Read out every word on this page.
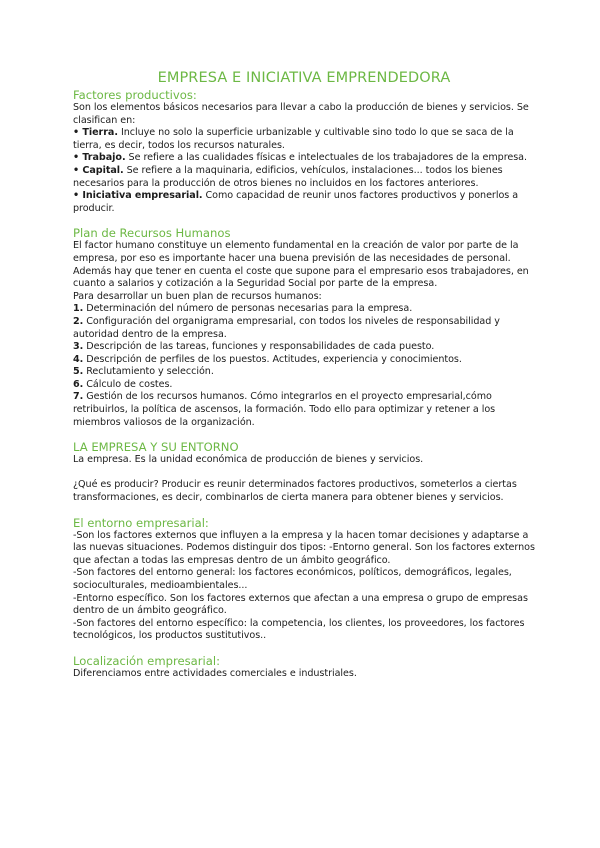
EMPRESA E INICIATIVA EMPRENDEDORA
Factores productivos:

Son los elementos básicos necesarios para llevar a cabo la producción de bienes y servicios. Se clasifican en:

• Tierra. Incluye no solo la superficie urbanizable y cultivable sino todo lo que se saca de la tierra, es decir, todos los recursos naturales.

• Trabajo. Se refiere a las cualidades físicas e intelectuales de los trabajadores de la empresa.

• Capital. Se refiere a la maquinaria, edificios, vehículos, instalaciones... todos los bienes necesarios para la producción de otros bienes no incluidos en los factores anteriores.

• Iniciativa empresarial. Como capacidad de reunir unos factores productivos y ponerlos a producir.

Plan de Recursos Humanos

El factor humano constituye un elemento fundamental en la creación de valor por parte de la empresa, por eso es importante hacer una buena previsión de las necesidades de personal. Además hay que tener en cuenta el coste que supone para el empresario esos trabajadores, en cuanto a salarios y cotización a la Seguridad Social por parte de la empresa.

Para desarrollar un buen plan de recursos humanos:

1. Determinación del número de personas necesarias para la empresa.

2. Configuración del organigrama empresarial, con todos los niveles de responsabilidad y autoridad dentro de la empresa.

3. Descripción de las tareas, funciones y responsabilidades de cada puesto.

4. Descripción de perfiles de los puestos. Actitudes, experiencia y conocimientos.

5. Reclutamiento y selección.

6. Cálculo de costes.

7. Gestión de los recursos humanos. Cómo integrarlos en el proyecto empresarial,cómo retribuirlos, la política de ascensos, la formación. Todo ello para optimizar y retener a los miembros valiosos de la organización.

LA EMPRESA Y SU ENTORNO

La empresa. Es la unidad económica de producción de bienes y servicios.

¿Qué es producir? Producir es reunir determinados factores productivos, someterlos a ciertas transformaciones, es decir, combinarlos de cierta manera para obtener bienes y servicios.

El entorno empresarial:

-Son los factores externos que influyen a la empresa y la hacen tomar decisiones y adaptarse a las nuevas situaciones. Podemos distinguir dos tipos: -Entorno general. Son los factores externos que afectan a todas las empresas dentro de un ámbito geográfico.

-Son factores del entorno general: los factores económicos, políticos, demográficos, legales, socioculturales, medioambientales...

-Entorno específico. Son los factores externos que afectan a una empresa o grupo de empresas dentro de un ámbito geográfico.

-Son factores del entorno específico: la competencia, los clientes, los proveedores, los factores tecnológicos, los productos sustitutivos..

Localización empresarial:

Diferenciamos entre actividades comerciales e industriales.
